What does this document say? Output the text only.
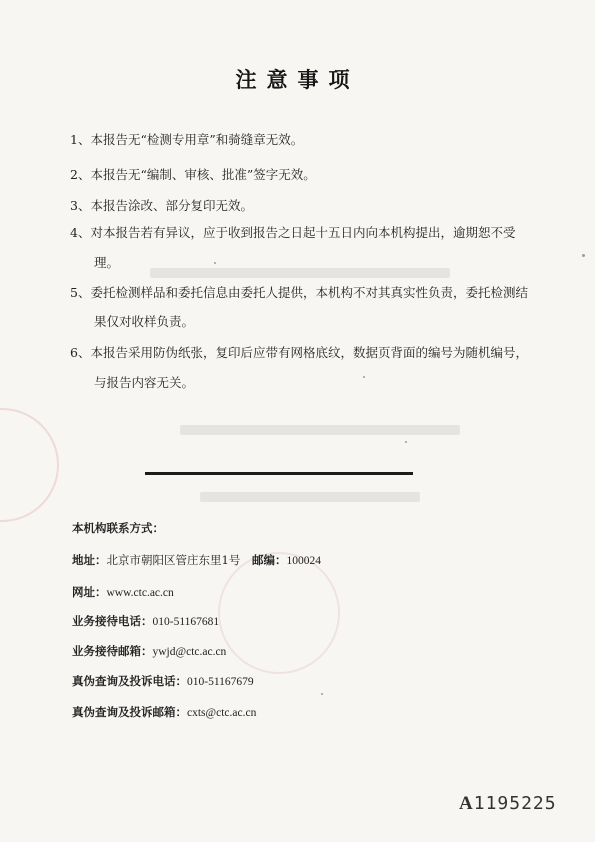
注意事项
1、本报告无“检测专用章”和骑缝章无效。
2、本报告无“编制、审核、批准”签字无效。
3、本报告涂改、部分复印无效。
4、对本报告若有异议，应于收到报告之日起十五日内向本机构提出，逾期恕不受
理。
5、委托检测样品和委托信息由委托人提供，本机构不对其真实性负责，委托检测结
果仅对收样负责。
6、本报告采用防伪纸张，复印后应带有网格底纹，数据页背面的编号为随机编号，
与报告内容无关。
本机构联系方式：
地址：北京市朝阳区管庄东里1号 邮编：100024
网址：www.ctc.ac.cn
业务接待电话：010-51167681
业务接待邮箱：ywjd@ctc.ac.cn
真伪查询及投诉电话：010-51167679
真伪查询及投诉邮箱：cxts@ctc.ac.cn
A1195225
